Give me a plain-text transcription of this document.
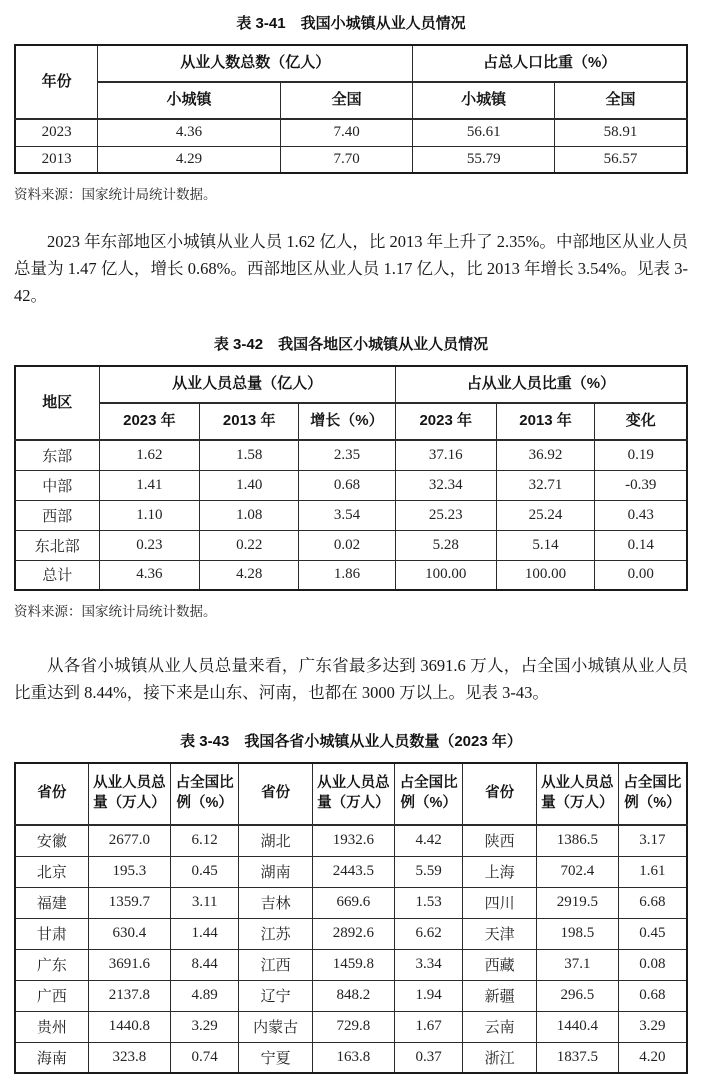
表 3-41　我国小城镇从业人员情况

年份	从业人数总数（亿人）		占总人口比重（%）	
	小城镇	全国	小城镇	全国
2023	4.36	7.40	56.61	58.91
2013	4.29	7.70	55.79	56.57

资料来源：国家统计局统计数据。

2023 年东部地区小城镇从业人员 1.62 亿人，比 2013 年上升了 2.35%。中部地区从业人员总量为 1.47 亿人，增长 0.68%。西部地区从业人员 1.17 亿人，比 2013 年增长 3.54%。见表 3-42。

表 3-42　我国各地区小城镇从业人员情况

地区	从业人员总量（亿人）			占从业人员比重（%）		
	2023 年	2013 年	增长（%）	2023 年	2013 年	变化
东部	1.62	1.58	2.35	37.16	36.92	0.19
中部	1.41	1.40	0.68	32.34	32.71	-0.39
西部	1.10	1.08	3.54	25.23	25.24	0.43
东北部	0.23	0.22	0.02	5.28	5.14	0.14
总计	4.36	4.28	1.86	100.00	100.00	0.00

资料来源：国家统计局统计数据。

从各省小城镇从业人员总量来看，广东省最多达到 3691.6 万人，占全国小城镇从业人员比重达到 8.44%，接下来是山东、河南，也都在 3000 万以上。见表 3-43。

表 3-43　我国各省小城镇从业人员数量（2023 年）

省份	从业人员总量（万人）	占全国比例（%）	省份	从业人员总量（万人）	占全国比例（%）	省份	从业人员总量（万人）	占全国比例（%）
安徽	2677.0	6.12	湖北	1932.6	4.42	陕西	1386.5	3.17
北京	195.3	0.45	湖南	2443.5	5.59	上海	702.4	1.61
福建	1359.7	3.11	吉林	669.6	1.53	四川	2919.5	6.68
甘肃	630.4	1.44	江苏	2892.6	6.62	天津	198.5	0.45
广东	3691.6	8.44	江西	1459.8	3.34	西藏	37.1	0.08
广西	2137.8	4.89	辽宁	848.2	1.94	新疆	296.5	0.68
贵州	1440.8	3.29	内蒙古	729.8	1.67	云南	1440.4	3.29
海南	323.8	0.74	宁夏	163.8	0.37	浙江	1837.5	4.20
